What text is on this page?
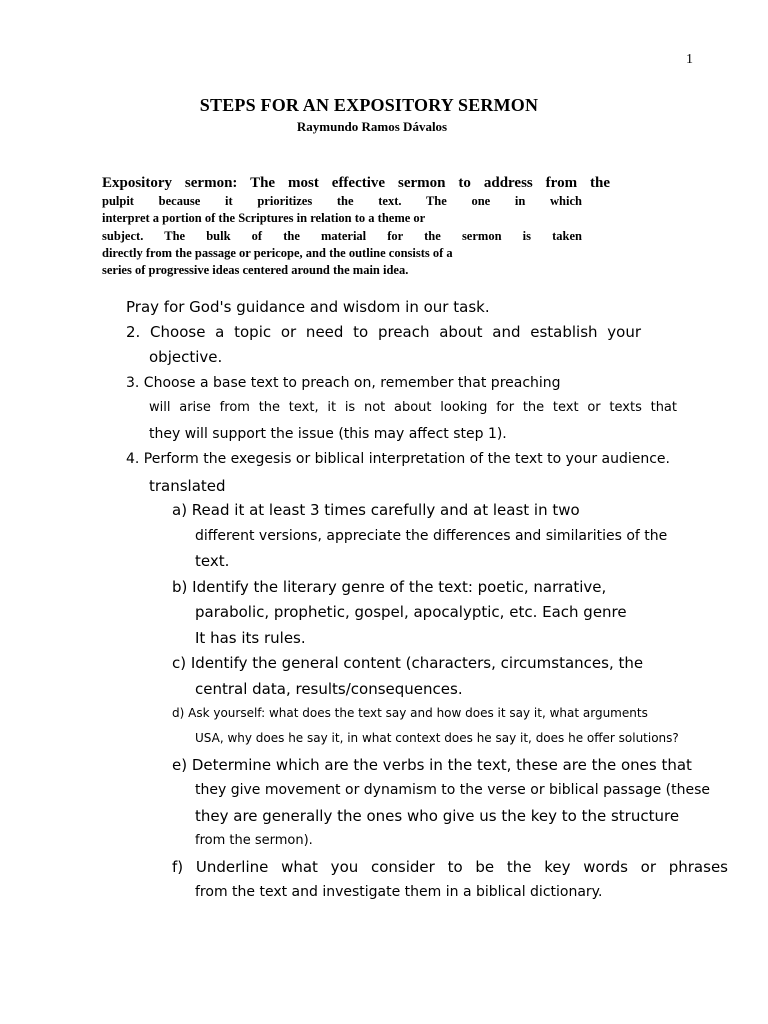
1
STEPS FOR AN EXPOSITORY SERMON
Raymundo Ramos Dávalos
Expository sermon: The most effective sermon to address from the
pulpit because it prioritizes the text. The one in which
interpret a portion of the Scriptures in relation to a theme or
subject. The bulk of the material for the sermon is taken
directly from the passage or pericope, and the outline consists of a
series of progressive ideas centered around the main idea.
Pray for God's guidance and wisdom in our task.
2. Choose a topic or need to preach about and establish your
objective.
3. Choose a base text to preach on, remember that preaching
will arise from the text, it is not about looking for the text or texts that
they will support the issue (this may affect step 1).
4. Perform the exegesis or biblical interpretation of the text to your audience.
translated
a) Read it at least 3 times carefully and at least in two
different versions, appreciate the differences and similarities of the
text.
b) Identify the literary genre of the text: poetic, narrative,
parabolic, prophetic, gospel, apocalyptic, etc. Each genre
It has its rules.
c) Identify the general content (characters, circumstances, the
central data, results/consequences.
d) Ask yourself: what does the text say and how does it say it, what arguments
USA, why does he say it, in what context does he say it, does he offer solutions?
e) Determine which are the verbs in the text, these are the ones that
they give movement or dynamism to the verse or biblical passage (these
they are generally the ones who give us the key to the structure
from the sermon).
f) Underline what you consider to be the key words or phrases
from the text and investigate them in a biblical dictionary.
